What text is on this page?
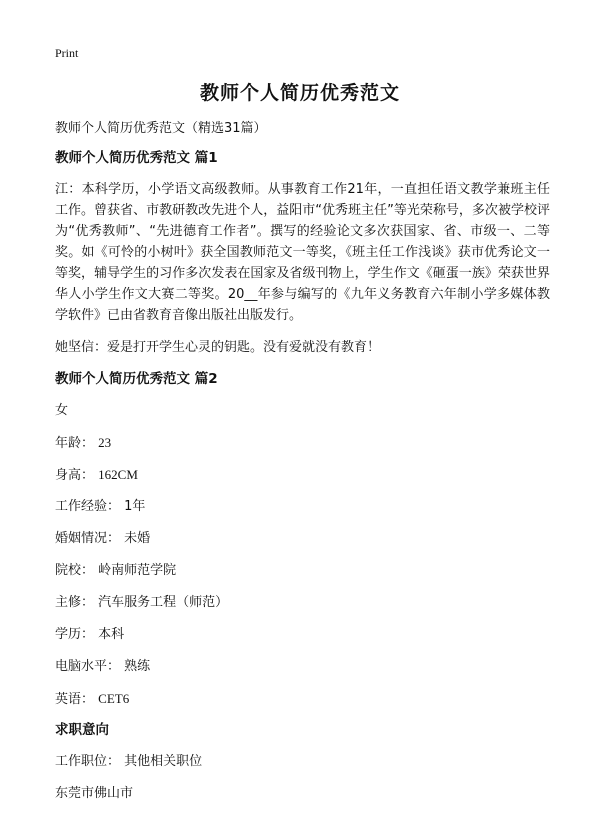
Print
教师个人简历优秀范文

教师个人简历优秀范文（精选31篇）

教师个人简历优秀范文 篇1

江：本科学历，小学语文高级教师。从事教育工作21年，一直担任语文教学兼班主任工作。曾获省、市教研教改先进个人，益阳市“优秀班主任”等光荣称号，多次被学校评为“优秀教师”、“先进德育工作者”。撰写的经验论文多次获国家、省、市级一、二等奖。如《可怜的小树叶》获全国教师范文一等奖，《班主任工作浅谈》获市优秀论文一等奖，辅导学生的习作多次发表在国家及省级刊物上，学生作文《砸蛋一族》荣获世界华人小学生作文大赛二等奖。20__年参与编写的《九年义务教育六年制小学多媒体教学软件》已由省教育音像出版社出版发行。

她坚信：爱是打开学生心灵的钥匙。没有爱就没有教育！

教师个人简历优秀范文 篇2

女

年龄： 23

身高： 162CM

工作经验： 1年

婚姻情况： 未婚

院校： 岭南师范学院

主修： 汽车服务工程（师范）

学历： 本科

电脑水平： 熟练

英语： CET6

求职意向

工作职位： 其他相关职位

东莞市佛山市
